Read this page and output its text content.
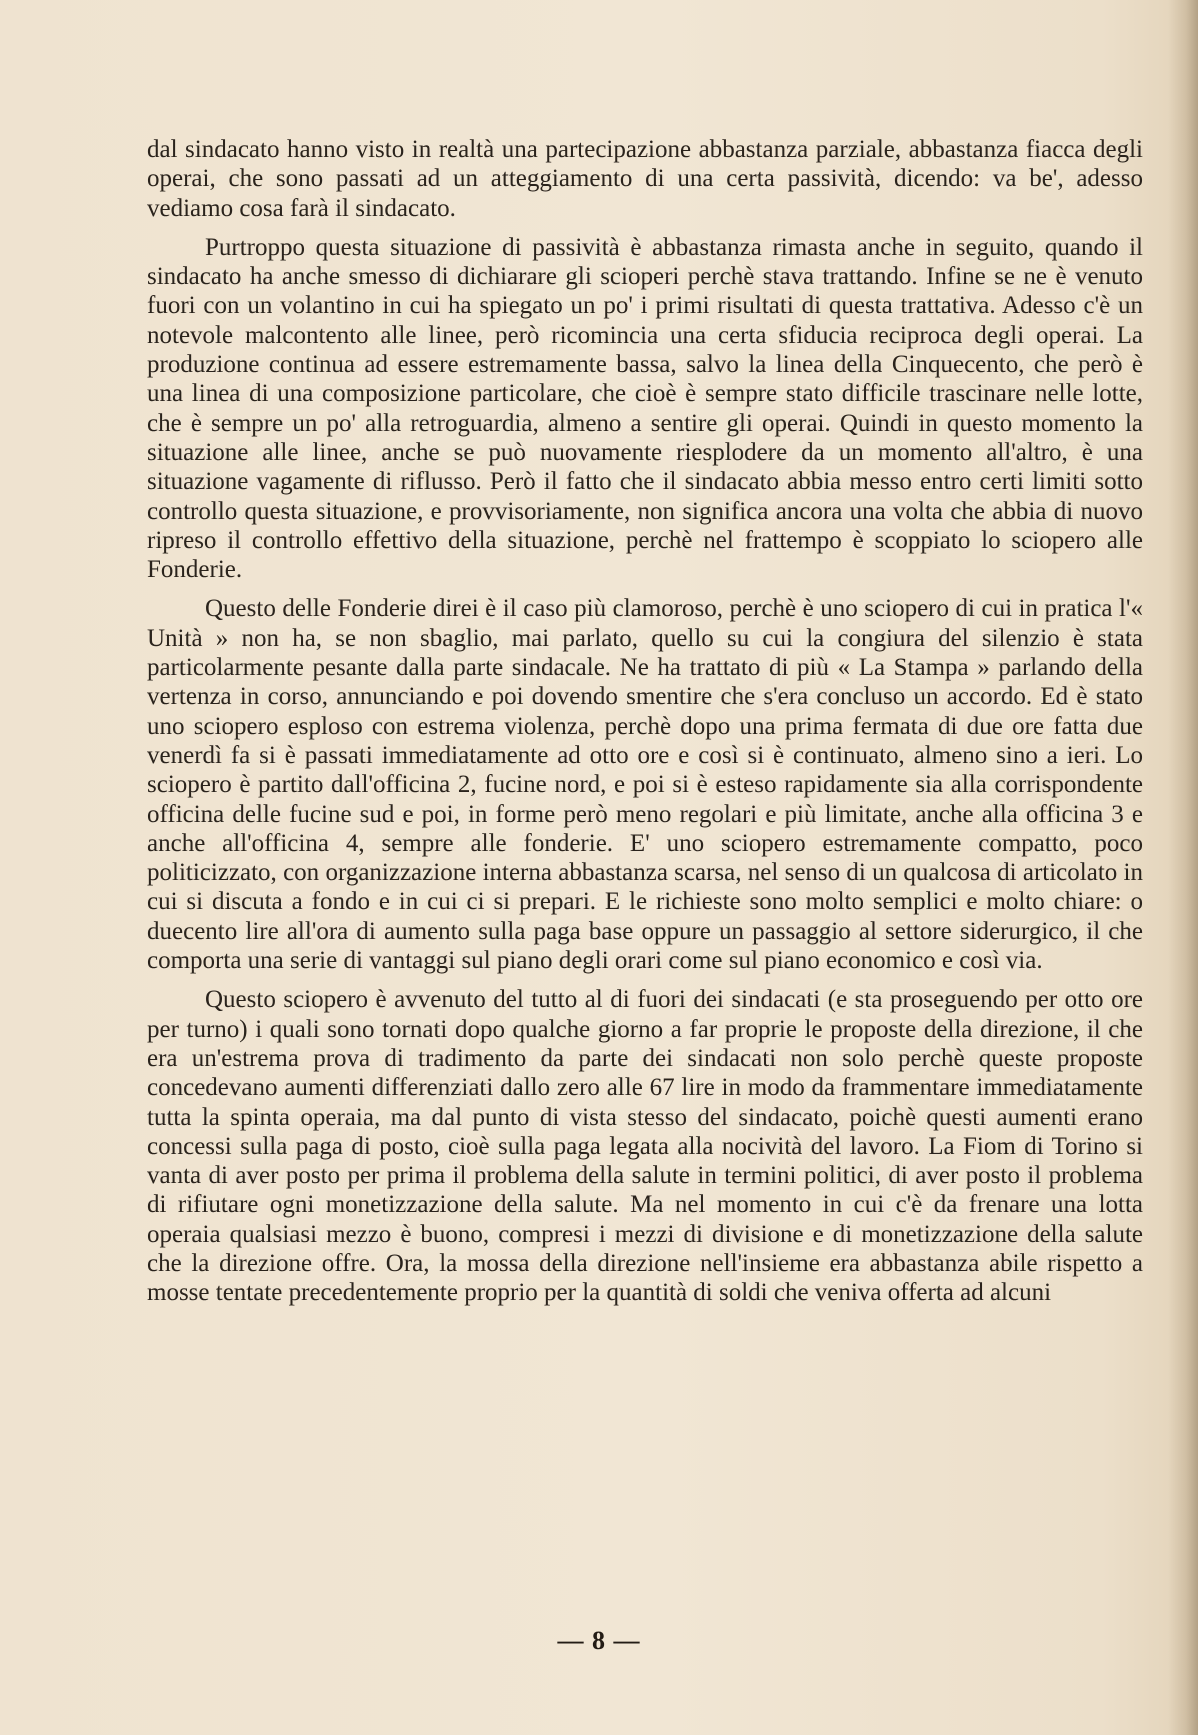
dal sindacato hanno visto in realtà una partecipazione abbastanza parziale, abbastanza fiacca degli operai, che sono passati ad un atteggiamento di una certa passività, dicendo: va be', adesso vediamo cosa farà il sindacato.

Purtroppo questa situazione di passività è abbastanza rimasta anche in seguito, quando il sindacato ha anche smesso di dichiarare gli scioperi perchè stava trattando. Infine se ne è venuto fuori con un volantino in cui ha spiegato un po' i primi risultati di questa trattativa. Adesso c'è un notevole malcontento alle linee, però ricomincia una certa sfiducia reciproca degli operai. La produzione continua ad essere estremamente bassa, salvo la linea della Cinquecento, che però è una linea di una composizione particolare, che cioè è sempre stato difficile trascinare nelle lotte, che è sempre un po' alla retroguardia, almeno a sentire gli operai. Quindi in questo momento la situazione alle linee, anche se può nuovamente riesplodere da un momento all'altro, è una situazione vagamente di riflusso. Però il fatto che il sindacato abbia messo entro certi limiti sotto controllo questa situazione, e provvisoriamente, non significa ancora una volta che abbia di nuovo ripreso il controllo effettivo della situazione, perchè nel frattempo è scoppiato lo sciopero alle Fonderie.

Questo delle Fonderie direi è il caso più clamoroso, perchè è uno sciopero di cui in pratica l'« Unità » non ha, se non sbaglio, mai parlato, quello su cui la congiura del silenzio è stata particolarmente pesante dalla parte sindacale. Ne ha trattato di più « La Stampa » parlando della vertenza in corso, annunciando e poi dovendo smentire che s'era concluso un accordo. Ed è stato uno sciopero esploso con estrema violenza, perchè dopo una prima fermata di due ore fatta due venerdì fa si è passati immediatamente ad otto ore e così si è continuato, almeno sino a ieri. Lo sciopero è partito dall'officina 2, fucine nord, e poi si è esteso rapidamente sia alla corrispondente officina delle fucine sud e poi, in forme però meno regolari e più limitate, anche alla officina 3 e anche all'officina 4, sempre alle fonderie. E' uno sciopero estremamente compatto, poco politicizzato, con organizzazione interna abbastanza scarsa, nel senso di un qualcosa di articolato in cui si discuta a fondo e in cui ci si prepari. E le richieste sono molto semplici e molto chiare: o duecento lire all'ora di aumento sulla paga base oppure un passaggio al settore siderurgico, il che comporta una serie di vantaggi sul piano degli orari come sul piano economico e così via.

Questo sciopero è avvenuto del tutto al di fuori dei sindacati (e sta proseguendo per otto ore per turno) i quali sono tornati dopo qualche giorno a far proprie le proposte della direzione, il che era un'estrema prova di tradimento da parte dei sindacati non solo perchè queste proposte concedevano aumenti differenziati dallo zero alle 67 lire in modo da frammentare immediatamente tutta la spinta operaia, ma dal punto di vista stesso del sindacato, poichè questi aumenti erano concessi sulla paga di posto, cioè sulla paga legata alla nocività del lavoro. La Fiom di Torino si vanta di aver posto per prima il problema della salute in termini politici, di aver posto il problema di rifiutare ogni monetizzazione della salute. Ma nel momento in cui c'è da frenare una lotta operaia qualsiasi mezzo è buono, compresi i mezzi di divisione e di monetizzazione della salute che la direzione offre. Ora, la mossa della direzione nell'insieme era abbastanza abile rispetto a mosse tentate precedentemente proprio per la quantità di soldi che veniva offerta ad alcuni

— 8 —
